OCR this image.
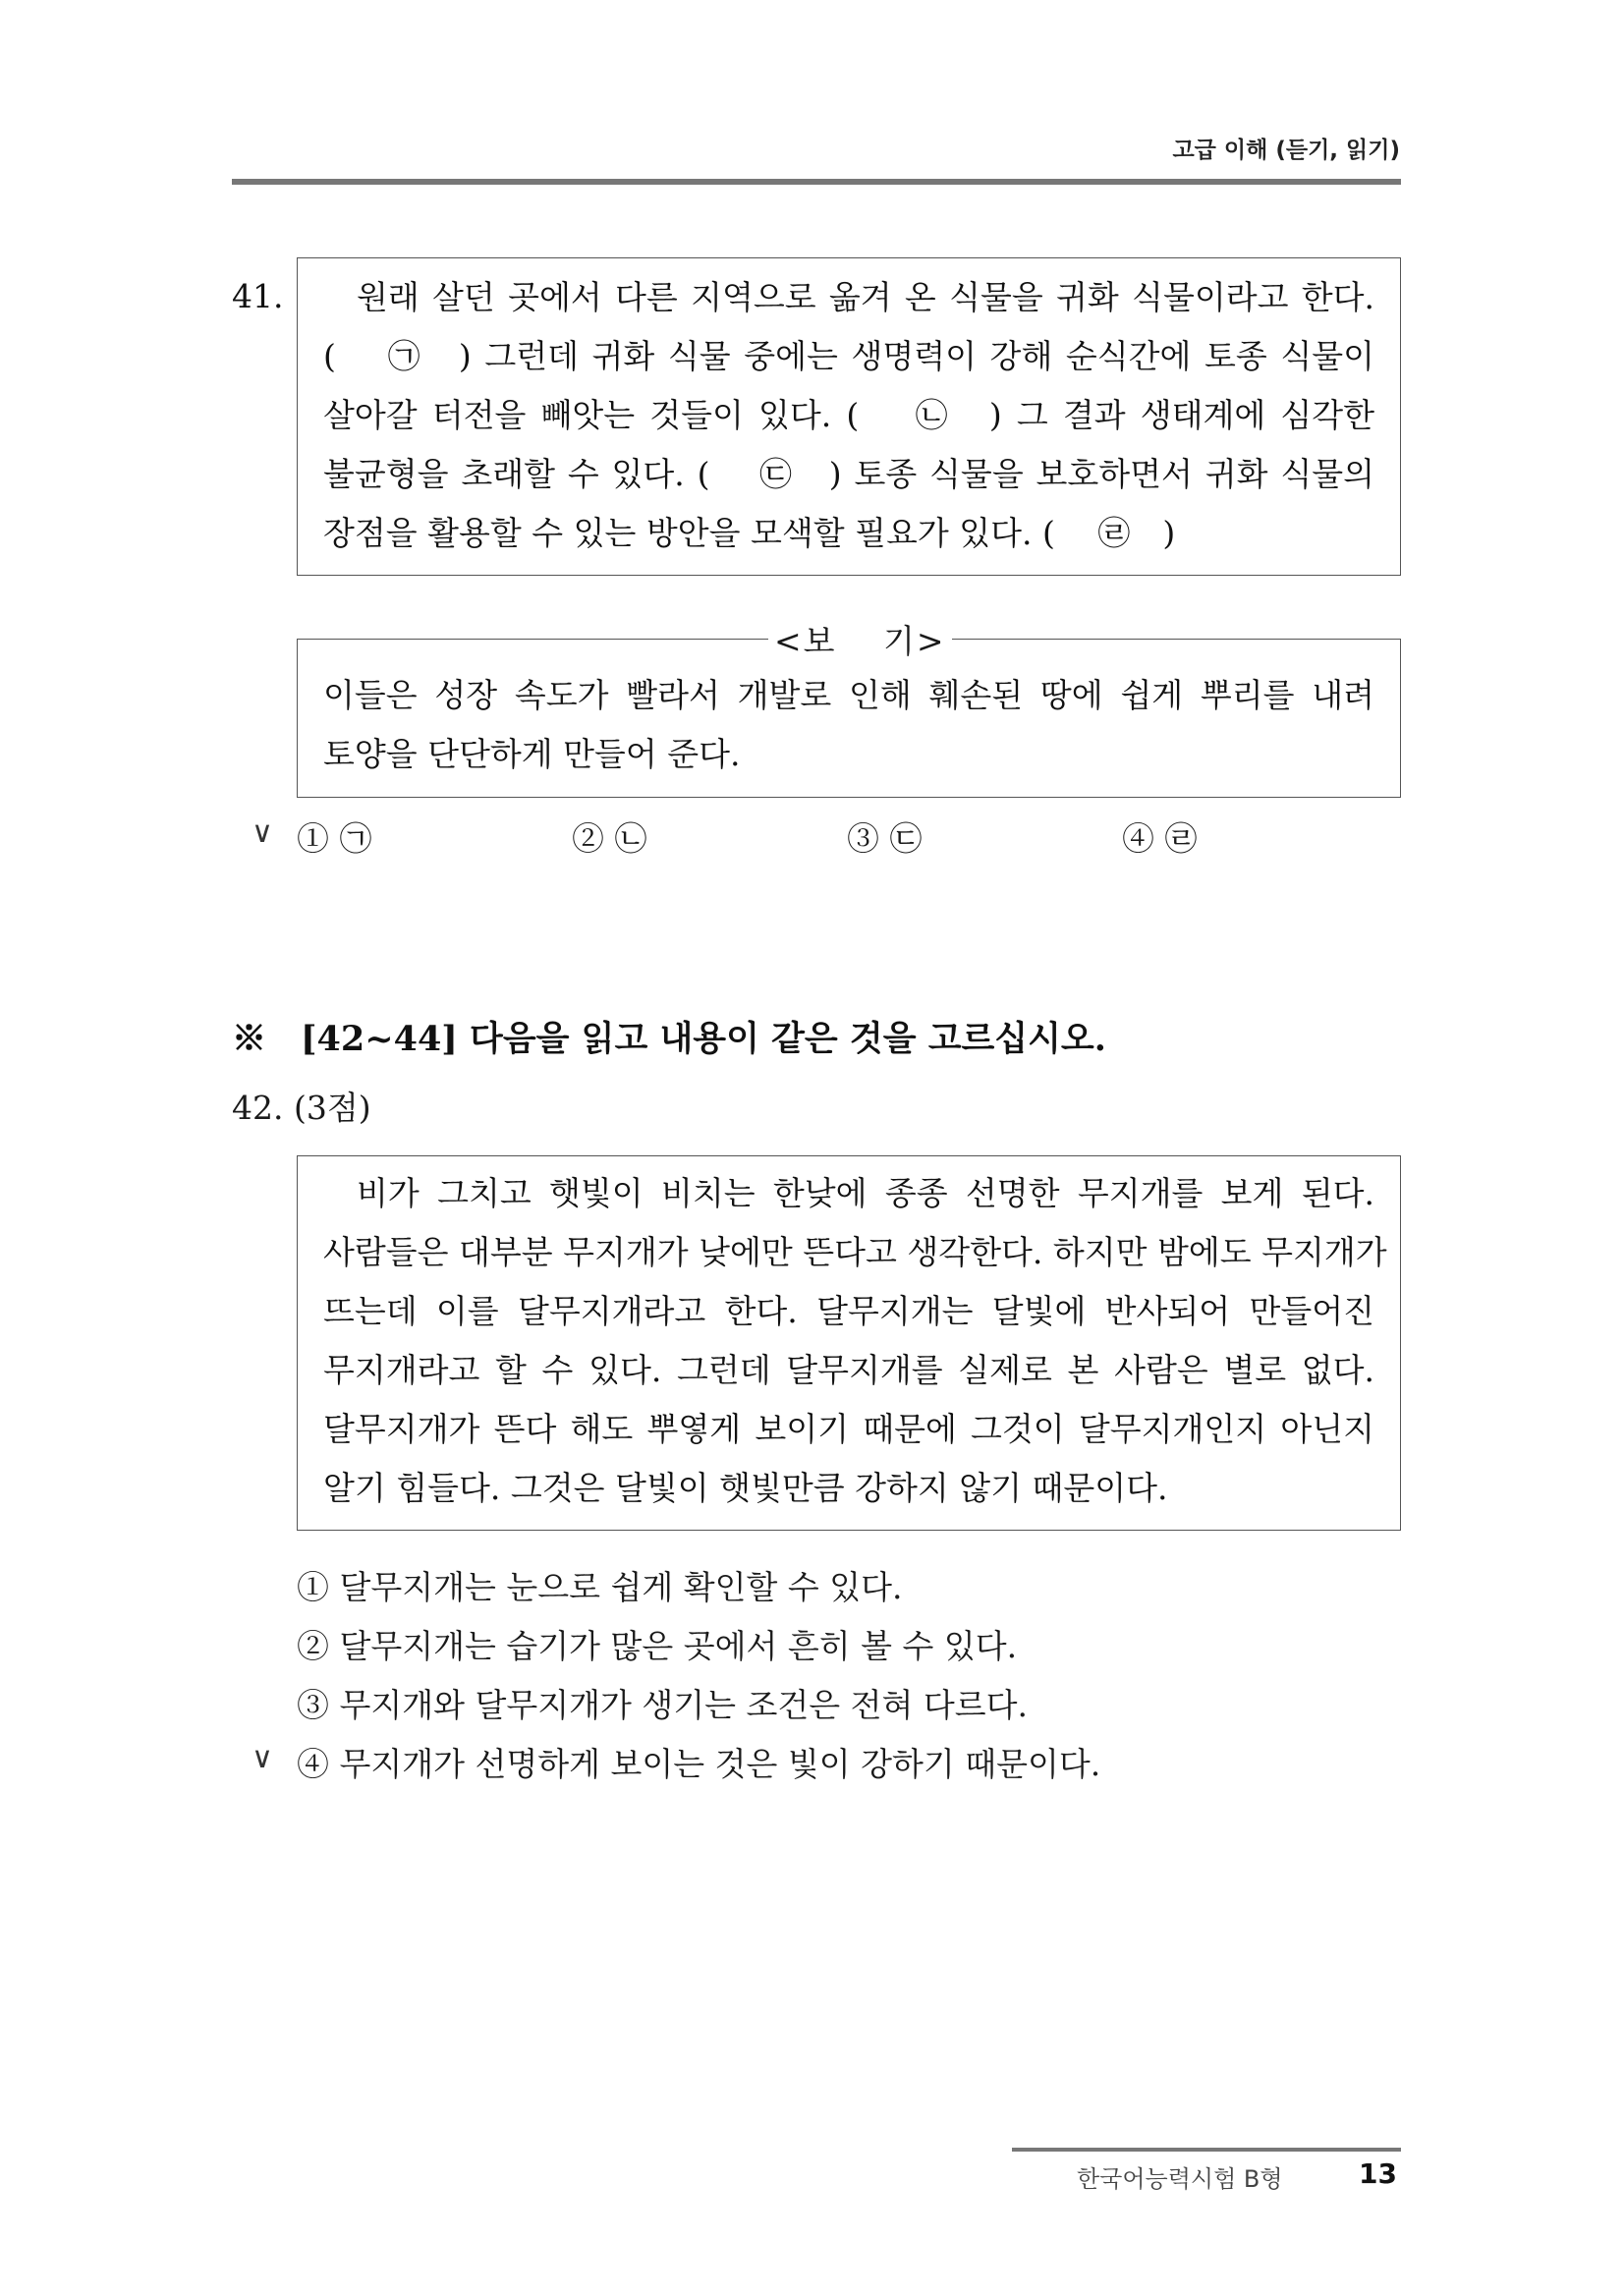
고급 이해 (듣기, 읽기)
41.	원래 살던 곳에서 다른 지역으로 옮겨 온 식물을 귀화 식물이라고 한다.
(　 ㉠　) 그런데 귀화 식물 중에는 생명력이 강해 순식간에 토종 식물이
살아갈 터전을 빼앗는 것들이 있다. (　 ㉡　) 그 결과 생태계에 심각한
불균형을 초래할 수 있다. (　 ㉢　) 토종 식물을 보호하면서 귀화 식물의
장점을 활용할 수 있는 방안을 모색할 필요가 있다. (　 ㉣　)
<보　 기>
이들은 성장 속도가 빨라서 개발로 인해 훼손된 땅에 쉽게 뿌리를 내려
토양을 단단하게 만들어 준다.
∨ ① ㉠	② ㉡	③ ㉢	④ ㉣
※　[42~44] 다음을 읽고 내용이 같은 것을 고르십시오.
42. (3점)
비가 그치고 햇빛이 비치는 한낮에 종종 선명한 무지개를 보게 된다.
사람들은 대부분 무지개가 낮에만 뜬다고 생각한다. 하지만 밤에도 무지개가
뜨는데 이를 달무지개라고 한다. 달무지개는 달빛에 반사되어 만들어진
무지개라고 할 수 있다. 그런데 달무지개를 실제로 본 사람은 별로 없다.
달무지개가 뜬다 해도 뿌옇게 보이기 때문에 그것이 달무지개인지 아닌지
알기 힘들다. 그것은 달빛이 햇빛만큼 강하지 않기 때문이다.
① 달무지개는 눈으로 쉽게 확인할 수 있다.
② 달무지개는 습기가 많은 곳에서 흔히 볼 수 있다.
③ 무지개와 달무지개가 생기는 조건은 전혀 다르다.
∨ ④ 무지개가 선명하게 보이는 것은 빛이 강하기 때문이다.
한국어능력시험 B형	13
